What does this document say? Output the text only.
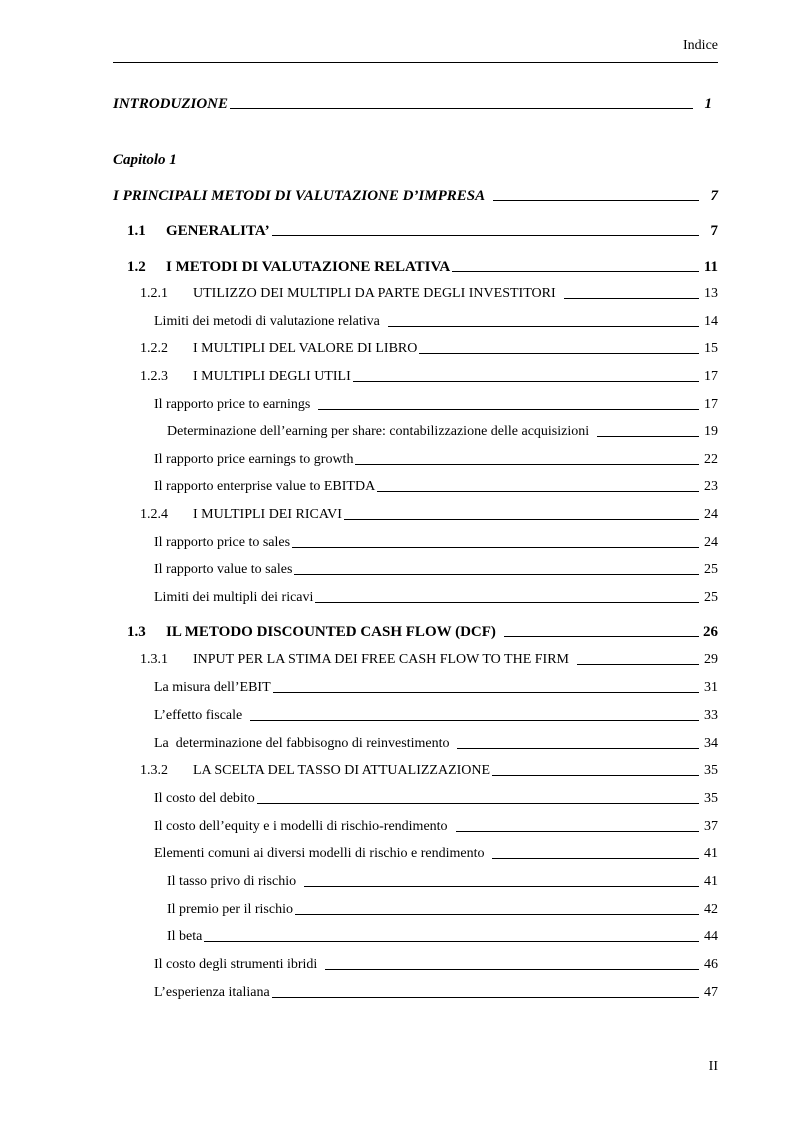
Indice
INTRODUZIONE	1
Capitolo 1
I PRINCIPALI METODI DI VALUTAZIONE D’IMPRESA	7
1.1	GENERALITA’	7
1.2	I METODI DI VALUTAZIONE RELATIVA	11
1.2.1	UTILIZZO DEI MULTIPLI DA PARTE DEGLI INVESTITORI	13
Limiti dei metodi di valutazione relativa	14
1.2.2	I MULTIPLI DEL VALORE DI LIBRO	15
1.2.3	I MULTIPLI DEGLI UTILI	17
Il rapporto price to earnings	17
Determinazione dell’earning per share: contabilizzazione delle acquisizioni	19
Il rapporto price earnings to growth	22
Il rapporto enterprise value to EBITDA	23
1.2.4	I MULTIPLI DEI RICAVI	24
Il rapporto price to sales	24
Il rapporto value to sales	25
Limiti dei multipli dei ricavi	25
1.3	IL METODO DISCOUNTED CASH FLOW (DCF)	26
1.3.1	INPUT PER LA STIMA DEI FREE CASH FLOW TO THE FIRM	29
La misura dell’EBIT	31
L’effetto fiscale	33
La  determinazione del fabbisogno di reinvestimento	34
1.3.2	LA SCELTA DEL TASSO DI ATTUALIZZAZIONE	35
Il costo del debito	35
Il costo dell’equity e i modelli di rischio-rendimento	37
Elementi comuni ai diversi modelli di rischio e rendimento	41
Il tasso privo di rischio	41
Il premio per il rischio	42
Il beta	44
Il costo degli strumenti ibridi	46
L’esperienza italiana	47
II
